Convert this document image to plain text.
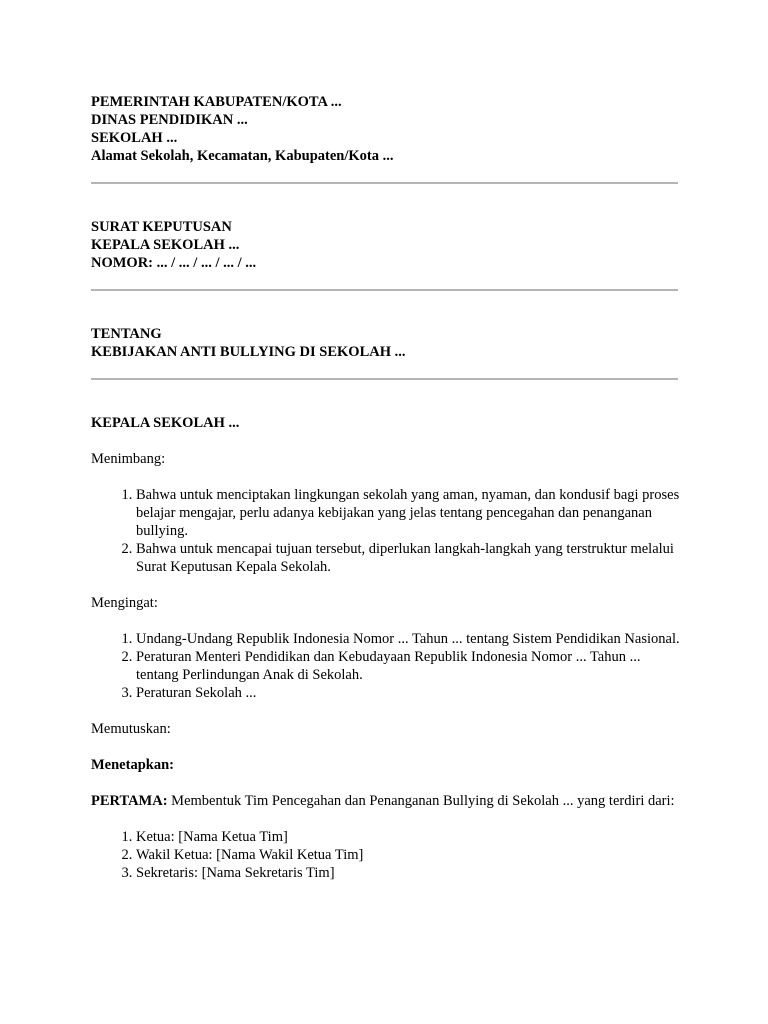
PEMERINTAH KABUPATEN/KOTA ...
DINAS PENDIDIKAN ...
SEKOLAH ...
Alamat Sekolah, Kecamatan, Kabupaten/Kota ...
SURAT KEPUTUSAN
KEPALA SEKOLAH ...
NOMOR: ... / ... / ... / ... / ...
TENTANG
KEBIJAKAN ANTI BULLYING DI SEKOLAH ...

KEPALA SEKOLAH ...

Menimbang:

1. Bahwa untuk menciptakan lingkungan sekolah yang aman, nyaman, dan kondusif bagi proses belajar mengajar, perlu adanya kebijakan yang jelas tentang pencegahan dan penanganan bullying.
2. Bahwa untuk mencapai tujuan tersebut, diperlukan langkah-langkah yang terstruktur melalui Surat Keputusan Kepala Sekolah.

Mengingat:

1. Undang-Undang Republik Indonesia Nomor ... Tahun ... tentang Sistem Pendidikan Nasional.
2. Peraturan Menteri Pendidikan dan Kebudayaan Republik Indonesia Nomor ... Tahun ... tentang Perlindungan Anak di Sekolah.
3. Peraturan Sekolah ...

Memutuskan:

Menetapkan:

PERTAMA: Membentuk Tim Pencegahan dan Penanganan Bullying di Sekolah ... yang terdiri dari:

1. Ketua: [Nama Ketua Tim]
2. Wakil Ketua: [Nama Wakil Ketua Tim]
3. Sekretaris: [Nama Sekretaris Tim]
